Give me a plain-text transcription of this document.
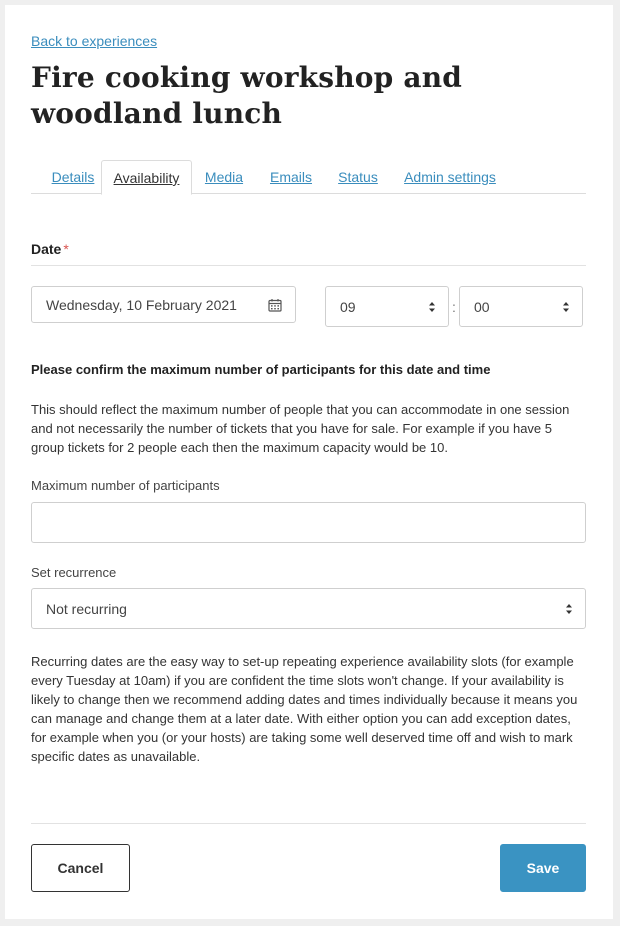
Back to experiences
Fire cooking workshop and woodland lunch
Details	Availability	Media Emails Status Admin settings
Date *
Wednesday, 10 February 2021	09	: 00
Please confirm the maximum number of participants for this date and time

This should reflect the maximum number of people that you can accommodate in one session and not necessarily the number of tickets that you have for sale. For example if you have 5 group tickets for 2 people each then the maximum capacity would be 10.

Maximum number of participants
Set recurrence
Not recurring

Recurring dates are the easy way to set-up repeating experience availability slots (for example every Tuesday at 10am) if you are confident the time slots won't change. If your availability is likely to change then we recommend adding dates and times individually because it means you can manage and change them at a later date. With either option you can add exception dates, for example when you (or your hosts) are taking some well deserved time off and wish to mark specific dates as unavailable.

Cancel	Save
